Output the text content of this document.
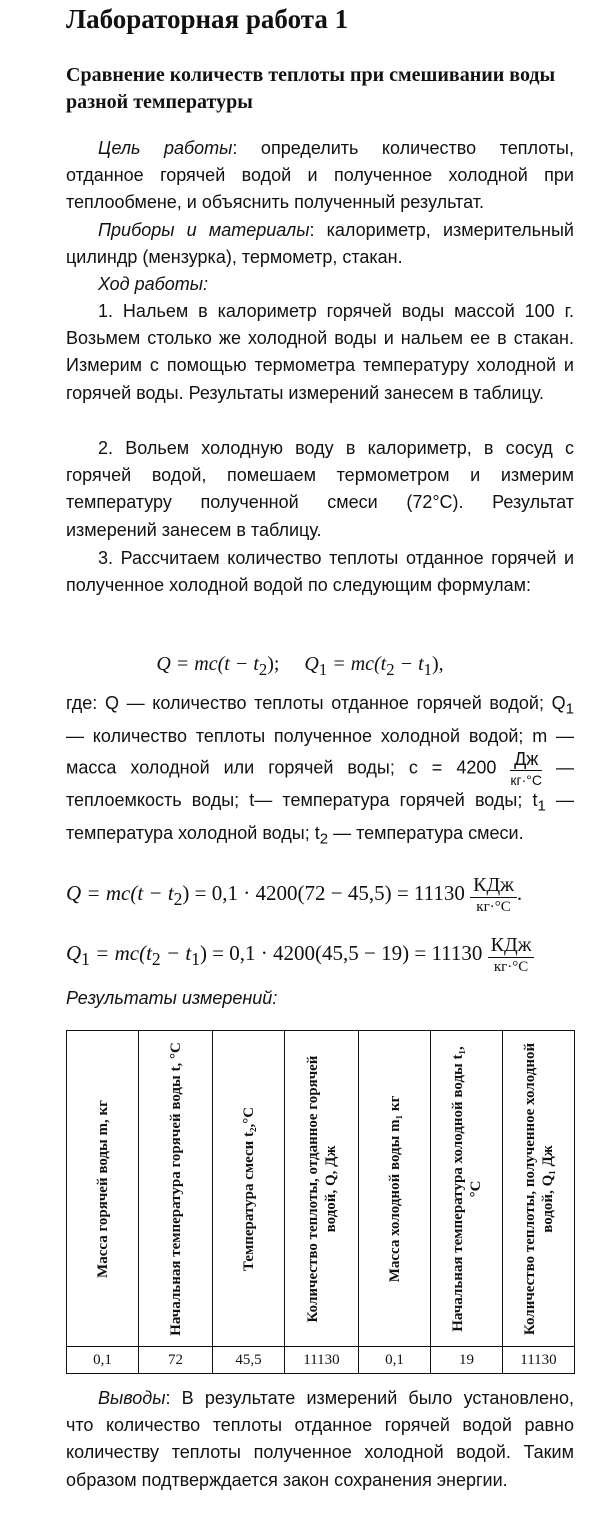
Лабораторная работа 1
Сравнение количеств теплоты при смешивании воды разной температуры

Цель работы: определить количество теплоты, отданное горячей водой и полученное холодной при теплообмене, и объяснить полученный результат.

Приборы и материалы: калориметр, измерительный цилиндр (мензурка), термометр, стакан.

Ход работы:

1. Нальем в калориметр горячей воды массой 100 г. Возьмем столько же холодной воды и нальем ее в стакан. Измерим с помощью термометра температуру холодной и горячей воды. Результаты измерений занесем в таблицу.

2. Вольем холодную воду в калориметр, в сосуд с горячей водой, помешаем термометром и измерим температуру полученной смеси (72°С). Результат измерений занесем в таблицу.

3. Рассчитаем количество теплоты отданное горячей и полученное холодной водой по следующим формулам:

$Q = mc(t - t_2)$; $Q_1 = mc(t_2 - t_1)$,

где: Q — количество теплоты отданное горячей водой; $Q_1$ — количество теплоты полученное холодной водой; m — масса холодной или горячей воды; $c = 4200 \frac{Дж}{кг\cdot^\circ С}$ — теплоемкость воды; t— температура горячей воды; $t_1$ — температура холодной воды; $t_2$ — температура смеси.

$Q = mc(t - t_2) = 0,1 \cdot 4200(72 - 45,5) = 11130 \frac{\text{КДж}}{кг\cdot^\circ С}$ .
$Q_1 = mc(t_2 - t_1) = 0,1 \cdot 4200(45,5 - 19) = 11130 \frac{\text{КДж}}{кг\cdot^\circ С}$
Результаты измерений:
Масса горячей воды m, кг	Начальная температура горячей воды t, °С	Температура смеси t₂,°С	Количество теплоты, отданное горячей водой, Q, Дж	Масса холодной воды m₁ кг	Начальная температура холодной воды t₁,°С	Количество теплоты, полученное холодной водой, Q₁ Дж

0,1	72	45,5	11130	0,1	19	11130

Выводы: В результате измерений было установлено, что количество теплоты отданное горячей водой равно количеству теплоты полученное холодной водой. Таким образом подтверждается закон сохранения энергии.
